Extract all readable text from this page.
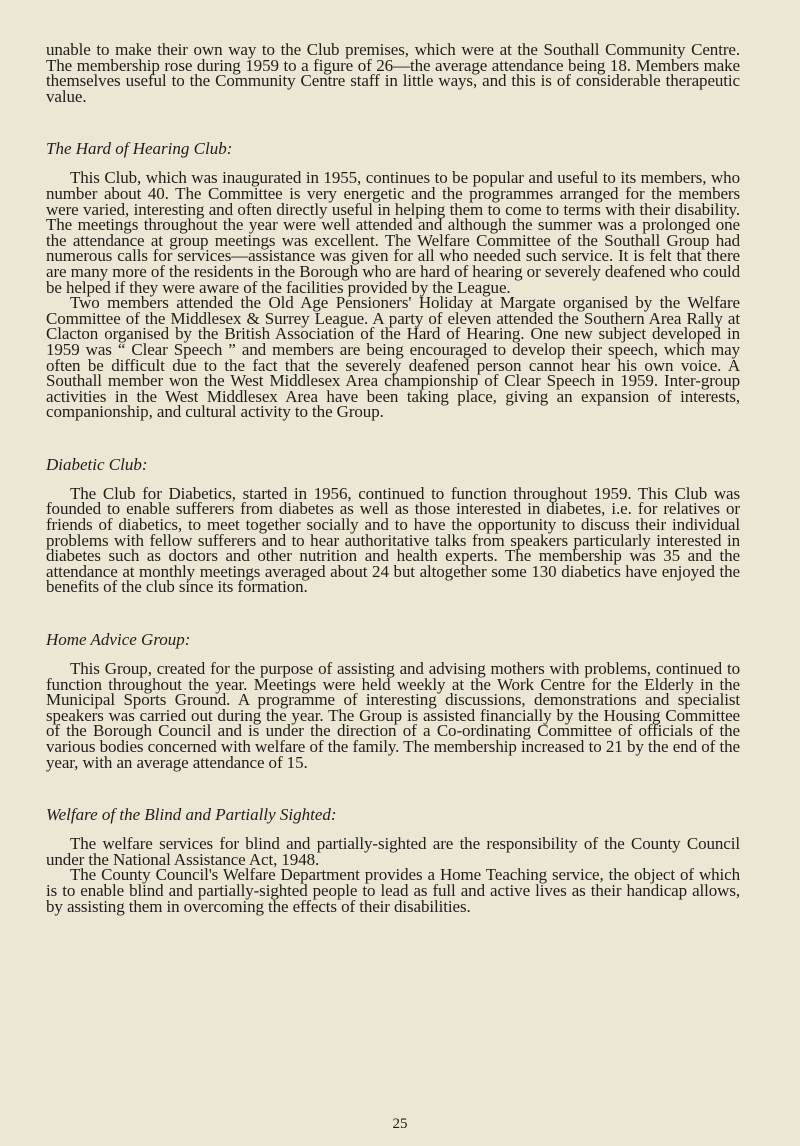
unable to make their own way to the Club premises, which were at the Southall Community Centre. The membership rose during 1959 to a figure of 26—the average attendance being 18. Members make themselves useful to the Community Centre staff in little ways, and this is of considerable therapeutic value.

The Hard of Hearing Club:

This Club, which was inaugurated in 1955, continues to be popular and useful to its members, who number about 40. The Committee is very energetic and the programmes arranged for the members were varied, interesting and often directly useful in helping them to come to terms with their disability. The meetings throughout the year were well attended and although the summer was a prolonged one the attendance at group meetings was excellent. The Welfare Committee of the Southall Group had numerous calls for services—assistance was given for all who needed such service. It is felt that there are many more of the residents in the Borough who are hard of hearing or severely deafened who could be helped if they were aware of the facilities provided by the League.

Two members attended the Old Age Pensioners' Holiday at Margate organised by the Welfare Committee of the Middlesex & Surrey League. A party of eleven attended the Southern Area Rally at Clacton organised by the British Association of the Hard of Hearing. One new subject developed in 1959 was “ Clear Speech ” and members are being encouraged to develop their speech, which may often be difficult due to the fact that the severely deafened person cannot hear his own voice. A Southall member won the West Middlesex Area championship of Clear Speech in 1959. Inter-group activities in the West Middlesex Area have been taking place, giving an expansion of interests, companionship, and cultural activity to the Group.

Diabetic Club:

The Club for Diabetics, started in 1956, continued to function throughout 1959. This Club was founded to enable sufferers from diabetes as well as those interested in diabetes, i.e. for relatives or friends of diabetics, to meet together socially and to have the opportunity to discuss their individual problems with fellow sufferers and to hear authoritative talks from speakers particularly interested in diabetes such as doctors and other nutrition and health experts. The membership was 35 and the attendance at monthly meetings averaged about 24 but altogether some 130 diabetics have enjoyed the benefits of the club since its formation.

Home Advice Group:

This Group, created for the purpose of assisting and advising mothers with problems, continued to function throughout the year. Meetings were held weekly at the Work Centre for the Elderly in the Municipal Sports Ground. A programme of interesting discussions, demonstrations and specialist speakers was carried out during the year. The Group is assisted financially by the Housing Committee of the Borough Council and is under the direction of a Co-ordinating Committee of officials of the various bodies concerned with welfare of the family. The membership increased to 21 by the end of the year, with an average attendance of 15.

Welfare of the Blind and Partially Sighted:

The welfare services for blind and partially-sighted are the responsibility of the County Council under the National Assistance Act, 1948.

The County Council's Welfare Department provides a Home Teaching service, the object of which is to enable blind and partially-sighted people to lead as full and active lives as their handicap allows, by assisting them in overcoming the effects of their disabilities.

25
